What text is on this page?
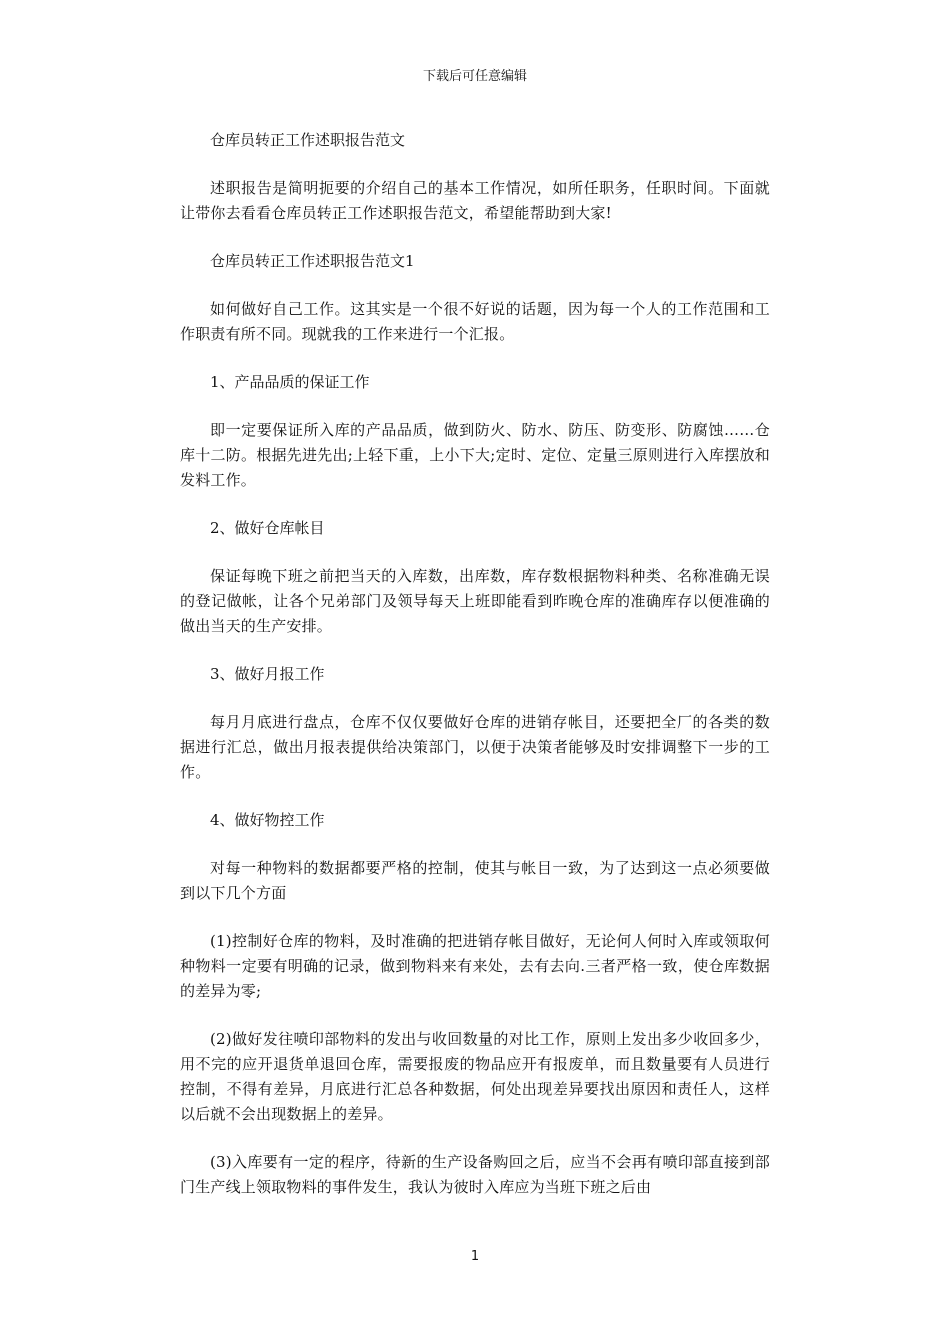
下载后可任意编辑

仓库员转正工作述职报告范文

述职报告是简明扼要的介绍自己的基本工作情况，如所任职务，任职时间。下面就让带你去看看仓库员转正工作述职报告范文，希望能帮助到大家!

仓库员转正工作述职报告范文1

如何做好自己工作。这其实是一个很不好说的话题，因为每一个人的工作范围和工作职责有所不同。现就我的工作来进行一个汇报。

1、产品品质的保证工作

即一定要保证所入库的产品品质，做到防火、防水、防压、防变形、防腐蚀……仓库十二防。根据先进先出;上轻下重，上小下大;定时、定位、定量三原则进行入库摆放和发料工作。

2、做好仓库帐目

保证每晚下班之前把当天的入库数，出库数，库存数根据物料种类、名称准确无误的登记做帐，让各个兄弟部门及领导每天上班即能看到昨晚仓库的准确库存以便准确的做出当天的生产安排。

3、做好月报工作

每月月底进行盘点，仓库不仅仅要做好仓库的进销存帐目，还要把全厂的各类的数据进行汇总，做出月报表提供给决策部门，以便于决策者能够及时安排调整下一步的工作。

4、做好物控工作

对每一种物料的数据都要严格的控制，使其与帐目一致，为了达到这一点必须要做到以下几个方面

(1)控制好仓库的物料，及时准确的把进销存帐目做好，无论何人何时入库或领取何种物料一定要有明确的记录，做到物料来有来处，去有去向.三者严格一致，使仓库数据的差异为零;

(2)做好发往喷印部物料的发出与收回数量的对比工作，原则上发出多少收回多少，用不完的应开退货单退回仓库，需要报废的物品应开有报废单，而且数量要有人员进行控制，不得有差异，月底进行汇总各种数据，何处出现差异要找出原因和责任人，这样以后就不会出现数据上的差异。

(3)入库要有一定的程序，待新的生产设备购回之后，应当不会再有喷印部直接到部门生产线上领取物料的事件发生，我认为彼时入库应为当班下班之后由

1
